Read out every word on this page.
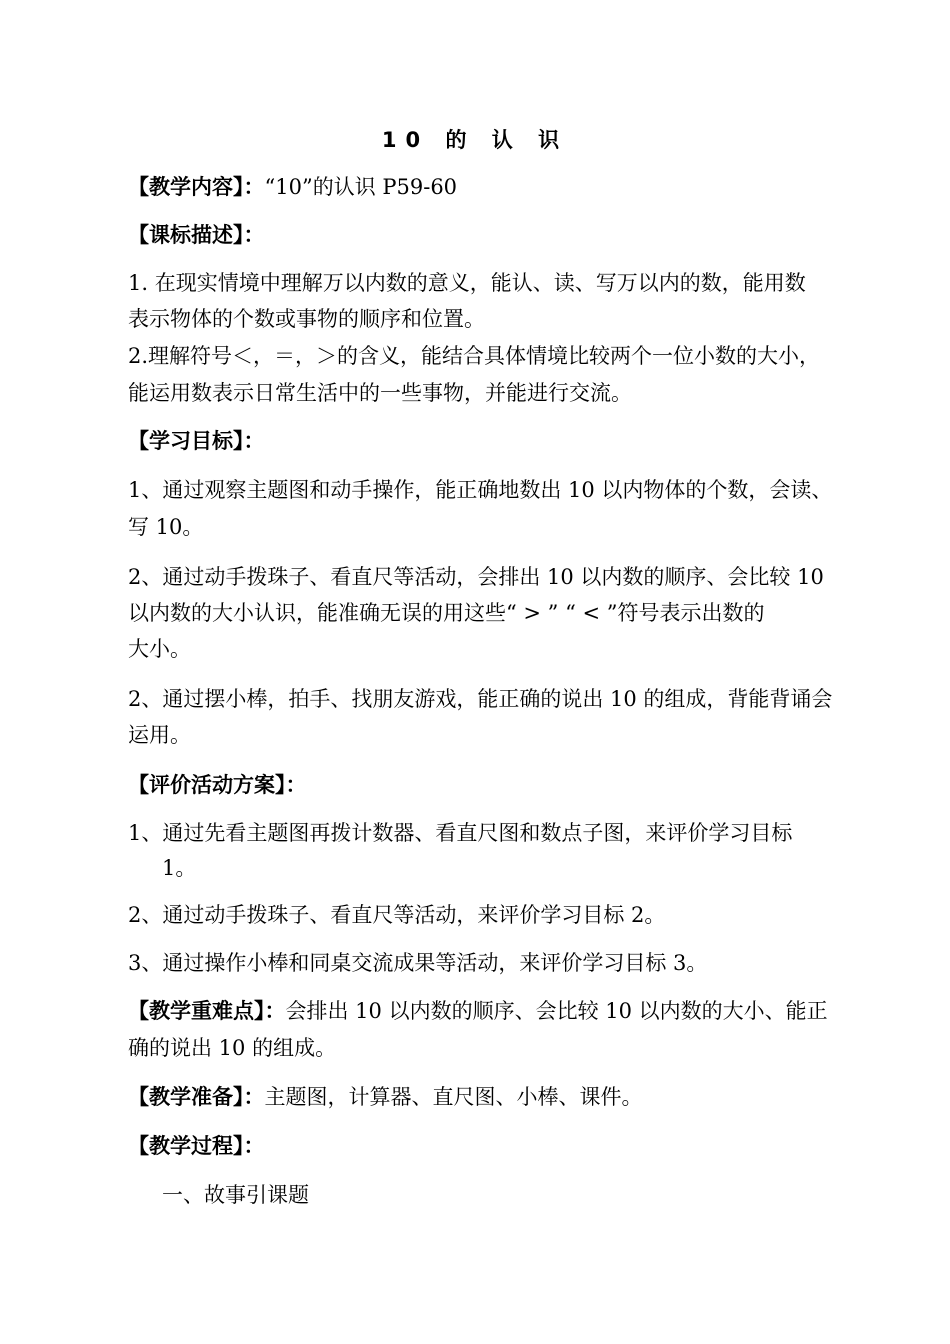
10 的 认 识
【教学内容】：“10”的认识 P59-60
【课标描述】：
1. 在现实情境中理解万以内数的意义，能认、读、写万以内的数，能用数
表示物体的个数或事物的顺序和位置。
2.理解符号＜，＝，＞的含义，能结合具体情境比较两个一位小数的大小，
能运用数表示日常生活中的一些事物，并能进行交流。
【学习目标】：
1、通过观察主题图和动手操作，能正确地数出 10 以内物体的个数，会读、
写 10。
2、通过动手拨珠子、看直尺等活动，会排出 10 以内数的顺序、会比较 10
以内数的大小认识，能准确无误的用这些“ > ” “ < ”符号表示出数的
大小。
2、通过摆小棒，拍手、找朋友游戏，能正确的说出 10 的组成，背能背诵会
运用。
【评价活动方案】：
1、通过先看主题图再拨计数器、看直尺图和数点子图，来评价学习目标
1。
2、通过动手拨珠子、看直尺等活动，来评价学习目标 2。
3、通过操作小棒和同桌交流成果等活动，来评价学习目标 3。
【教学重难点】：会排出 10 以内数的顺序、会比较 10 以内数的大小、能正
确的说出 10 的组成。
【教学准备】：主题图，计算器、直尺图、小棒、课件。
【教学过程】：
一、故事引课题
